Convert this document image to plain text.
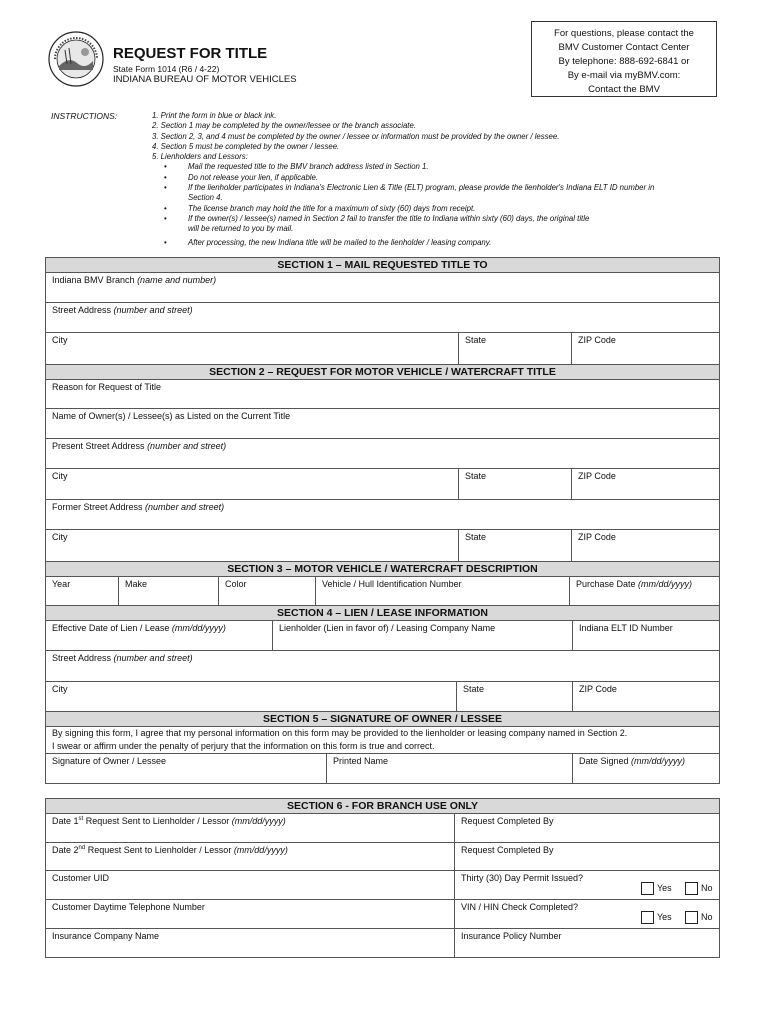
REQUEST FOR TITLE
State Form 1014 (R6 / 4-22)
INDIANA BUREAU OF MOTOR VEHICLES
For questions, please contact the
BMV Customer Contact Center
By telephone: 888-692-6841 or
By e-mail via myBMV.com:
Contact the BMV
INSTRUCTIONS:	1. Print the form in blue or black ink.
2. Section 1 may be completed by the owner/lessee or the branch associate.
3. Section 2, 3, and 4 must be completed by the owner / lessee or information must be provided by the owner / lessee.
4. Section 5 must be completed by the owner / lessee.
5. Lienholders and Lessors:
• Mail the requested title to the BMV branch address listed in Section 1.
• Do not release your lien, if applicable.
• If the lienholder participates in Indiana's Electronic Lien & Title (ELT) program, please provide the lienholder's Indiana ELT ID number in
Section 4.
• The license branch may hold the title for a maximum of sixty (60) days from receipt.
• If the owner(s) / lessee(s) named in Section 2 fail to transfer the title to Indiana within sixty (60) days, the original title
will be returned to you by mail.
• After processing, the new Indiana title will be mailed to the lienholder / leasing company.
SECTION 1 – MAIL REQUESTED TITLE TO
Indiana BMV Branch (name and number)
Street Address (number and street)
City	State	ZIP Code
SECTION 2 – REQUEST FOR MOTOR VEHICLE / WATERCRAFT TITLE
Reason for Request of Title
Name of Owner(s) / Lessee(s) as Listed on the Current Title
Present Street Address (number and street)
City	State	ZIP Code
Former Street Address (number and street)
City	State	ZIP Code
SECTION 3 – MOTOR VEHICLE / WATERCRAFT DESCRIPTION
Year	Make	Color	Vehicle / Hull Identification Number	Purchase Date (mm/dd/yyyy)
SECTION 4 – LIEN / LEASE INFORMATION
Effective Date of Lien / Lease (mm/dd/yyyy)	Lienholder (Lien in favor of) / Leasing Company Name	Indiana ELT ID Number
Street Address (number and street)
City	State	ZIP Code
SECTION 5 – SIGNATURE OF OWNER / LESSEE
By signing this form, I agree that my personal information on this form may be provided to the lienholder or leasing company named in Section 2.
I swear or affirm under the penalty of perjury that the information on this form is true and correct.
Signature of Owner / Lessee	Printed Name	Date Signed (mm/dd/yyyy)
SECTION 6 - FOR BRANCH USE ONLY
Date 1st Request Sent to Lienholder / Lessor (mm/dd/yyyy)	Request Completed By
Date 2nd Request Sent to Lienholder / Lessor (mm/dd/yyyy)	Request Completed By
Customer UID	Thirty (30) Day Permit Issued?
Yes	No
Customer Daytime Telephone Number	VIN / HIN Check Completed?
Yes	No
Insurance Company Name	Insurance Policy Number
